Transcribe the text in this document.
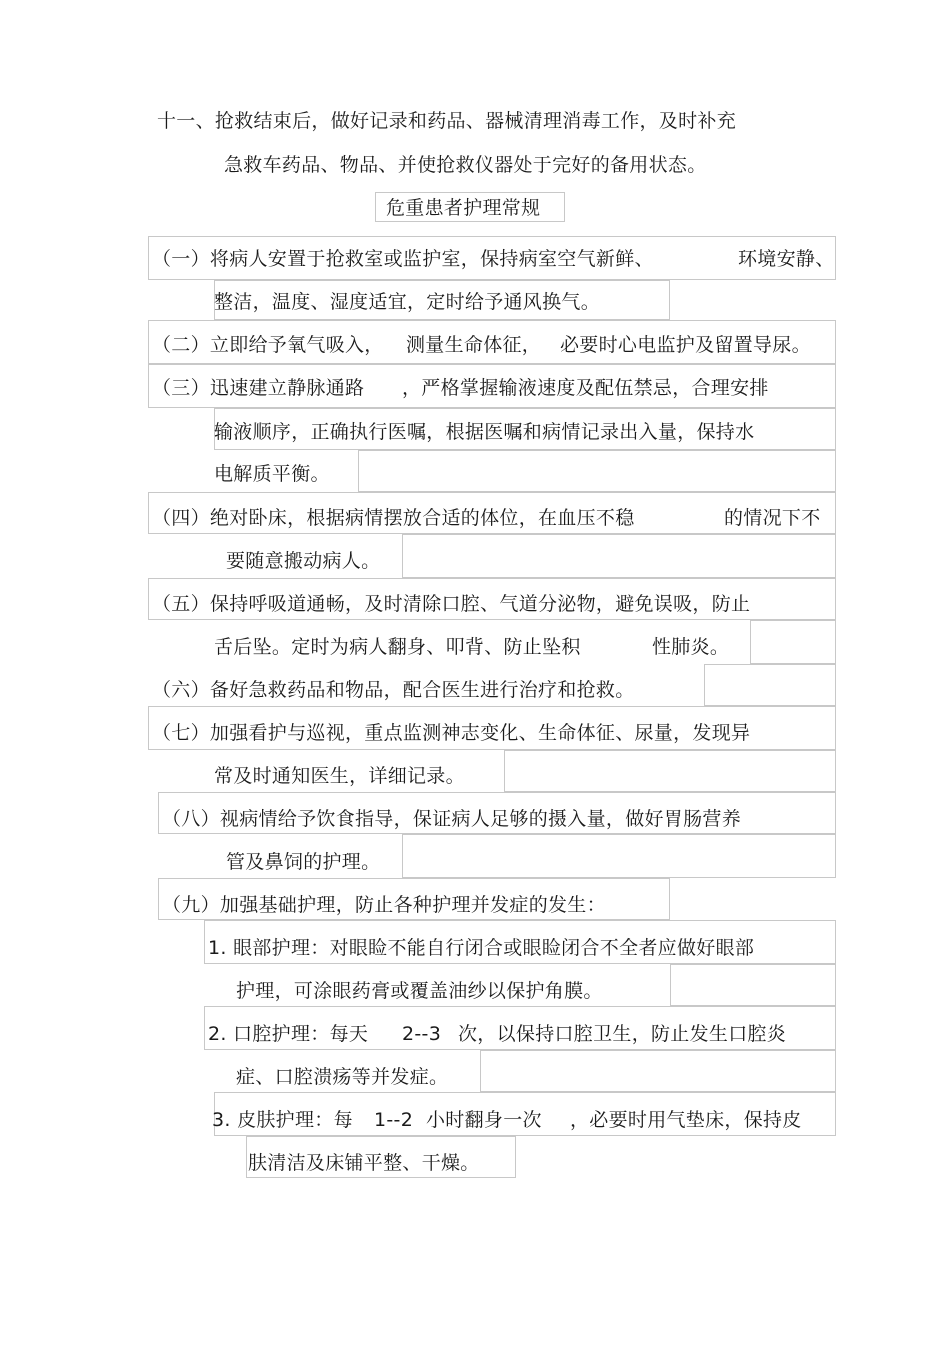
十一、抢救结束后，做好记录和药品、器械清理消毒工作，及时补充
急救车药品、物品、并使抢救仪器处于完好的备用状态。
危重患者护理常规
（一）将病人安置于抢救室或监护室，保持病室空气新鲜、	环境安静、
整洁，温度、湿度适宜，定时给予通风换气。
（二）立即给予氧气吸入， 测量生命体征， 必要时心电监护及留置导尿。
（三）迅速建立静脉通路 ，严格掌握输液速度及配伍禁忌，合理安排
输液顺序，正确执行医嘱，根据医嘱和病情记录出入量，保持水
电解质平衡。
（四）绝对卧床，根据病情摆放合适的体位，在血压不稳	的情况下不
要随意搬动病人。
（五）保持呼吸道通畅，及时清除口腔、气道分泌物，避免误吸，防止
舌后坠。定时为病人翻身、叩背、防止坠积	性肺炎。
（六）备好急救药品和物品，配合医生进行治疗和抢救。
（七）加强看护与巡视，重点监测神志变化、生命体征、尿量，发现异
常及时通知医生，详细记录。
（八）视病情给予饮食指导，保证病人足够的摄入量，做好胃肠营养
管及鼻饲的护理。
（九）加强基础护理，防止各种护理并发症的发生：
1. 眼部护理：对眼睑不能自行闭合或眼睑闭合不全者应做好眼部
护理，可涂眼药膏或覆盖油纱以保护角膜。
2. 口腔护理：每天 2--3 次，以保持口腔卫生，防止发生口腔炎
症、口腔溃疡等并发症。
3. 皮肤护理：每 1--2 小时翻身一次 ，必要时用气垫床，保持皮
肤清洁及床铺平整、干燥。
